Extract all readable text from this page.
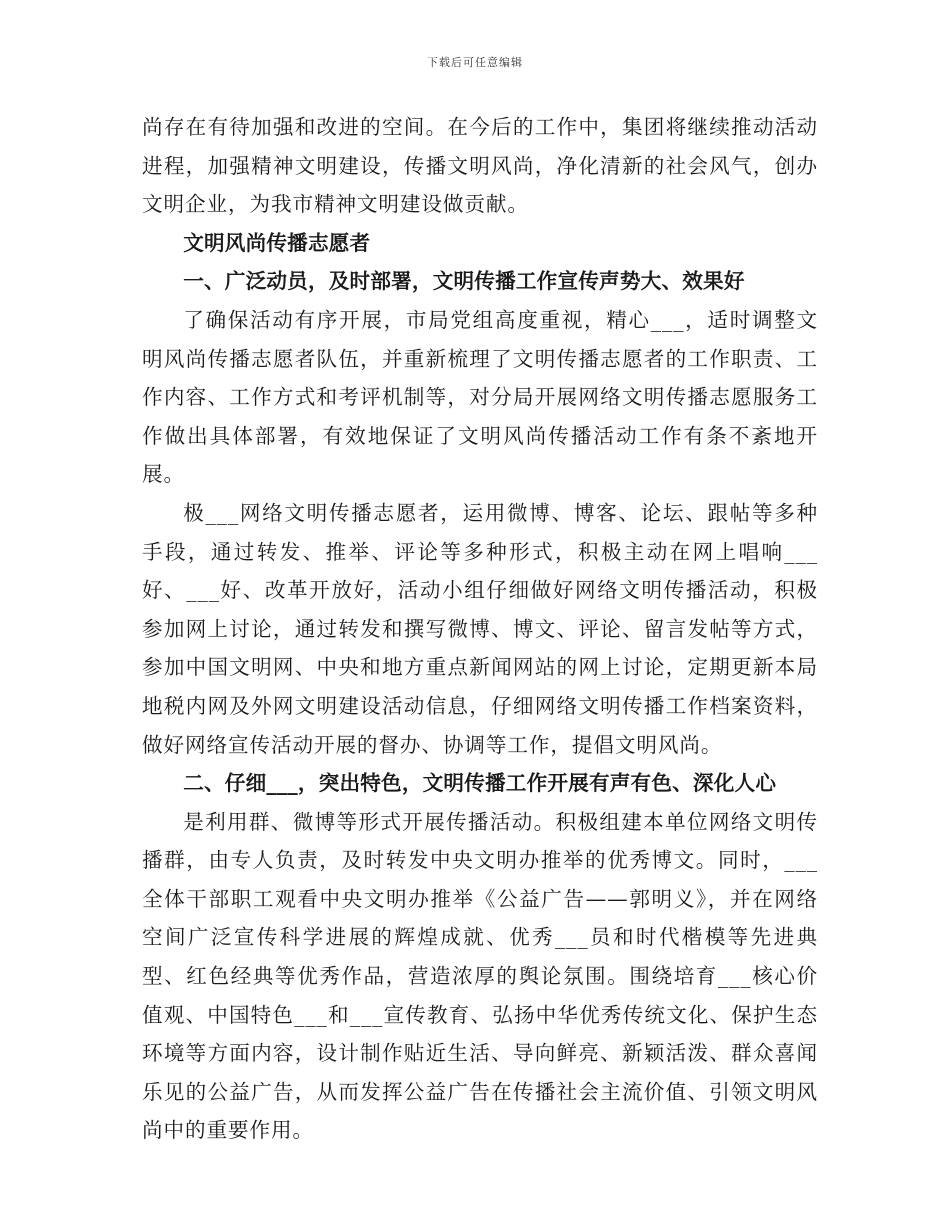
下载后可任意编辑

尚存在有待加强和改进的空间。在今后的工作中，集团将继续推动活动进程，加强精神文明建设，传播文明风尚，净化清新的社会风气，创办文明企业，为我市精神文明建设做贡献。

文明风尚传播志愿者

一、广泛动员，及时部署，文明传播工作宣传声势大、效果好

了确保活动有序开展，市局党组高度重视，精心___，适时调整文明风尚传播志愿者队伍，并重新梳理了文明传播志愿者的工作职责、工作内容、工作方式和考评机制等，对分局开展网络文明传播志愿服务工作做出具体部署，有效地保证了文明风尚传播活动工作有条不紊地开展。

极___网络文明传播志愿者，运用微博、博客、论坛、跟帖等多种手段，通过转发、推举、评论等多种形式，积极主动在网上唱响___好、___好、改革开放好，活动小组仔细做好网络文明传播活动，积极参加网上讨论，通过转发和撰写微博、博文、评论、留言发帖等方式，参加中国文明网、中央和地方重点新闻网站的网上讨论，定期更新本局地税内网及外网文明建设活动信息，仔细网络文明传播工作档案资料，做好网络宣传活动开展的督办、协调等工作，提倡文明风尚。

二、仔细___，突出特色，文明传播工作开展有声有色、深化人心

是利用群、微博等形式开展传播活动。积极组建本单位网络文明传播群，由专人负责，及时转发中央文明办推举的优秀博文。同时，___全体干部职工观看中央文明办推举《公益广告——郭明义》，并在网络空间广泛宣传科学进展的辉煌成就、优秀___员和时代楷模等先进典型、红色经典等优秀作品，营造浓厚的舆论氛围。围绕培育___核心价值观、中国特色___和___宣传教育、弘扬中华优秀传统文化、保护生态环境等方面内容，设计制作贴近生活、导向鲜亮、新颖活泼、群众喜闻乐见的公益广告，从而发挥公益广告在传播社会主流价值、引领文明风尚中的重要作用。
